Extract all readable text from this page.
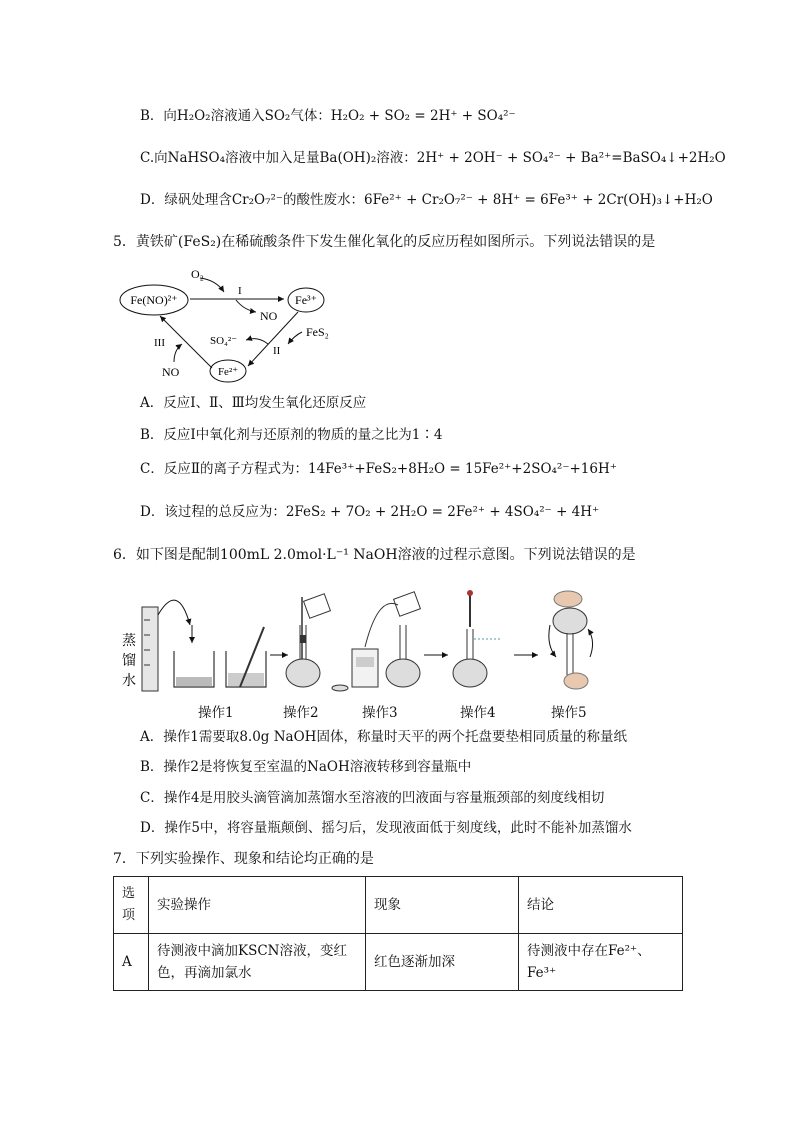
B．向H₂O₂溶液通入SO₂气体：H₂O₂ + SO₂ = 2H⁺ + SO₄²⁻
C.向NaHSO₄溶液中加入足量Ba(OH)₂溶液：2H⁺ + 2OH⁻ + SO₄²⁻ + Ba²⁺=BaSO₄↓+2H₂O
D．绿矾处理含Cr₂O₇²⁻的酸性废水：6Fe²⁺ + Cr₂O₇²⁻ + 8H⁺ = 6Fe³⁺ + 2Cr(OH)₃↓+H₂O
5．黄铁矿(FeS₂)在稀硫酸条件下发生催化氧化的反应历程如图所示。下列说法错误的是
Fe(NO)²⁺	Fe³⁺
Fe²⁺
O₂
I
NO
FeS₂
II
SO₄²⁻
III
NO
A．反应Ⅰ、Ⅱ、Ⅲ均发生氧化还原反应
B．反应Ⅰ中氧化剂与还原剂的物质的量之比为1∶4
C．反应Ⅱ的离子方程式为：14Fe³⁺+FeS₂+8H₂O = 15Fe²⁺+2SO₄²⁻+16H⁺
D．该过程的总反应为：2FeS₂ + 7O₂ + 2H₂O = 2Fe²⁺ + 4SO₄²⁻ + 4H⁺
6．如下图是配制100mL 2.0mol·L⁻¹ NaOH溶液的过程示意图。下列说法错误的是
蒸
馏
水
操作1	操作2	操作3	操作4	操作5
A．操作1需要取8.0g NaOH固体，称量时天平的两个托盘要垫相同质量的称量纸
B．操作2是将恢复至室温的NaOH溶液转移到容量瓶中
C．操作4是用胶头滴管滴加蒸馏水至溶液的凹液面与容量瓶颈部的刻度线相切
D．操作5中，将容量瓶颠倒、摇匀后，发现液面低于刻度线，此时不能补加蒸馏水
7．下列实验操作、现象和结论均正确的是
选项	实验操作	现象	结论
A	待测液中滴加KSCN溶液，变红色，再滴加氯水	红色逐渐加深	待测液中存在Fe²⁺、Fe³⁺
